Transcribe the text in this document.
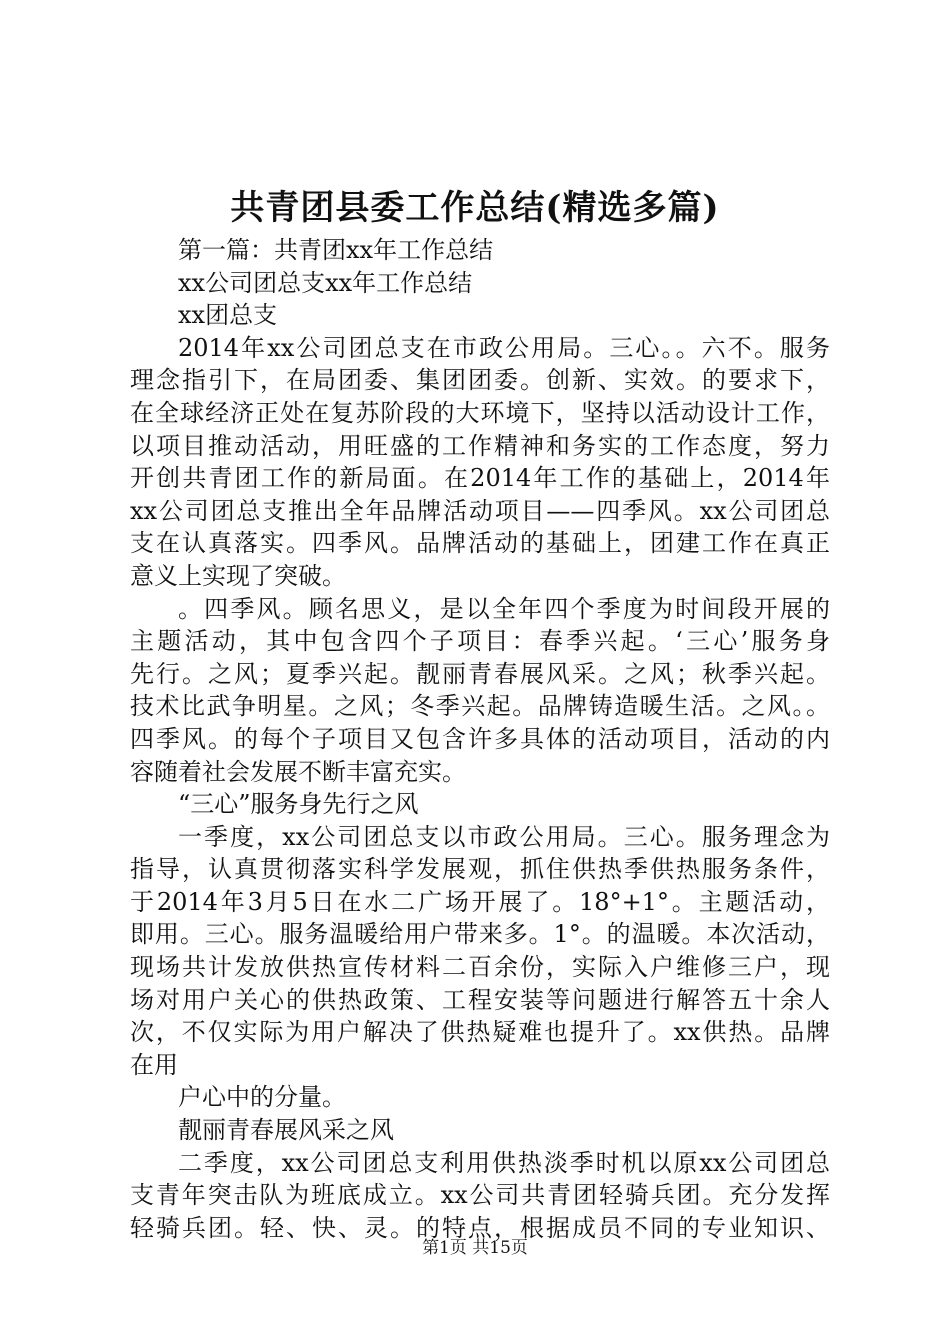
共青团县委工作总结(精选多篇)
第一篇：共青团xx年工作总结
xx公司团总支xx年工作总结
xx团总支
2014年xx公司团总支在市政公用局。三心。。六不。服务
理念指引下，在局团委、集团团委。创新、实效。的要求下，
在全球经济正处在复苏阶段的大环境下，坚持以活动设计工作，
以项目推动活动，用旺盛的工作精神和务实的工作态度，努力
开创共青团工作的新局面。在2014年工作的基础上，2014年
xx公司团总支推出全年品牌活动项目——四季风。xx公司团总
支在认真落实。四季风。品牌活动的基础上，团建工作在真正
意义上实现了突破。
。四季风。顾名思义，是以全年四个季度为时间段开展的
主题活动，其中包含四个子项目：春季兴起。‘三心’服务身
先行。之风；夏季兴起。靓丽青春展风采。之风；秋季兴起。
技术比武争明星。之风；冬季兴起。品牌铸造暖生活。之风。。
四季风。的每个子项目又包含许多具体的活动项目，活动的内
容随着社会发展不断丰富充实。
“三心”服务身先行之风
一季度，xx公司团总支以市政公用局。三心。服务理念为
指导，认真贯彻落实科学发展观，抓住供热季供热服务条件，
于2014年3月5日在水二广场开展了。18°+1°。主题活动，
即用。三心。服务温暖给用户带来多。1°。的温暖。本次活动，
现场共计发放供热宣传材料二百余份，实际入户维修三户，现
场对用户关心的供热政策、工程安装等问题进行解答五十余人
次，不仅实际为用户解决了供热疑难也提升了。xx供热。品牌
在用
户心中的分量。
靓丽青春展风采之风
二季度，xx公司团总支利用供热淡季时机以原xx公司团总
支青年突击队为班底成立。xx公司共青团轻骑兵团。充分发挥
轻骑兵团。轻、快、灵。的特点，根据成员不同的专业知识、
第1页 共15页
